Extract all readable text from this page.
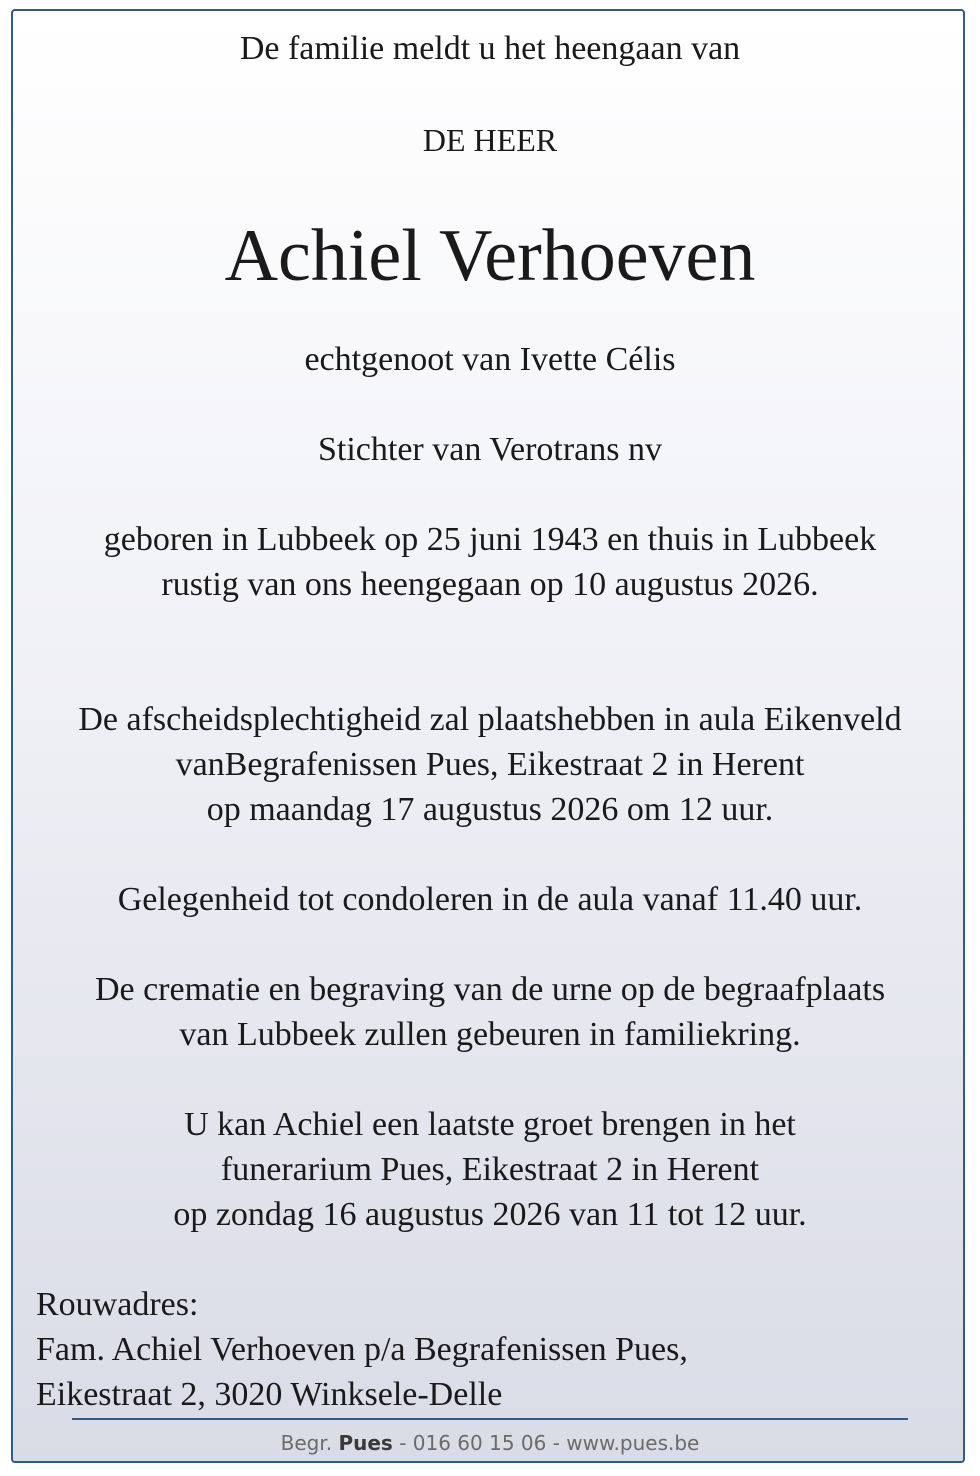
De familie meldt u het heengaan van
DE HEER
Achiel Verhoeven
echtgenoot van Ivette Célis
Stichter van Verotrans nv
geboren in Lubbeek op 25 juni 1943 en thuis in Lubbeek
rustig van ons heengegaan op 10 augustus 2026.
De afscheidsplechtigheid zal plaatshebben in aula Eikenveld
vanBegrafenissen Pues, Eikestraat 2 in Herent
op maandag 17 augustus 2026 om 12 uur.
Gelegenheid tot condoleren in de aula vanaf 11.40 uur.
De crematie en begraving van de urne op de begraafplaats
van Lubbeek zullen gebeuren in familiekring.
U kan Achiel een laatste groet brengen in het
funerarium Pues, Eikestraat 2 in Herent
op zondag 16 augustus 2026 van 11 tot 12 uur.
Rouwadres:
Fam. Achiel Verhoeven p/a Begrafenissen Pues,
Eikestraat 2, 3020 Winksele-Delle
Begr. Pues - 016 60 15 06 - www.pues.be
